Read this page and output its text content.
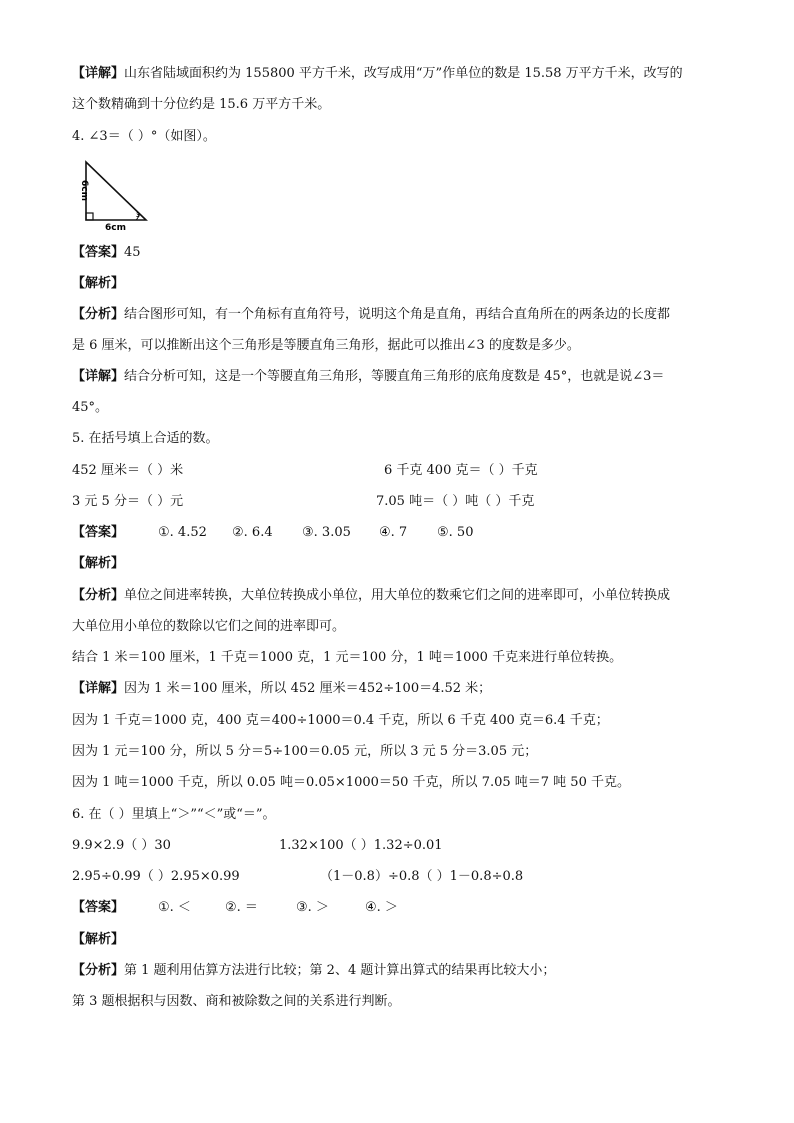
【详解】山东省陆域面积约为 155800 平方千米，改写成用“万”作单位的数是 15.58 万平方千米，改写的
这个数精确到十分位约是 15.6 万平方千米。
4. ∠3＝（ ）°（如图）。
3
6cm
6cm
【答案】45
【解析】
【分析】结合图形可知，有一个角标有直角符号，说明这个角是直角，再结合直角所在的两条边的长度都
是 6 厘米，可以推断出这个三角形是等腰直角三角形，据此可以推出∠3 的度数是多少。
【详解】结合分析可知，这是一个等腰直角三角形，等腰直角三角形的底角度数是 45°，也就是说∠3＝
45°。
5. 在括号填上合适的数。
452 厘米＝（ ）米	6 千克 400 克＝（ ）千克
3 元 5 分＝（ ）元	7.05 吨＝（ ）吨（ ）千克
【答案】	①. 4.52 ②. 6.4 ③. 3.05 ④. 7 ⑤. 50
【解析】
【分析】单位之间进率转换，大单位转换成小单位，用大单位的数乘它们之间的进率即可，小单位转换成
大单位用小单位的数除以它们之间的进率即可。
结合 1 米＝100 厘米，1 千克＝1000 克，1 元＝100 分，1 吨＝1000 千克来进行单位转换。
【详解】因为 1 米＝100 厘米，所以 452 厘米＝452÷100＝4.52 米；
因为 1 千克＝1000 克，400 克＝400÷1000＝0.4 千克，所以 6 千克 400 克＝6.4 千克；
因为 1 元＝100 分，所以 5 分＝5÷100＝0.05 元，所以 3 元 5 分＝3.05 元；
因为 1 吨＝1000 千克，所以 0.05 吨＝0.05×1000＝50 千克，所以 7.05 吨＝7 吨 50 千克。
6. 在（ ）里填上“＞”“＜”或“＝”。
9.9×2.9（ ）30	1.32×100（ ）1.32÷0.01
2.95÷0.99（ ）2.95×0.99	（1－0.8）÷0.8（ ）1－0.8÷0.8
【答案】	①. ＜	②. ＝	③. ＞	④. ＞
【解析】
【分析】第 1 题利用估算方法进行比较；第 2、4 题计算出算式的结果再比较大小；
第 3 题根据积与因数、商和被除数之间的关系进行判断。
